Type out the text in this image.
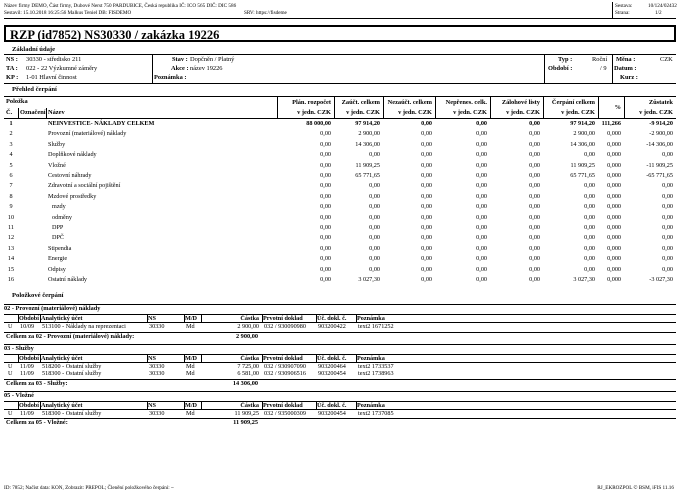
Název firmy DEMO, Část firmy, Dubové Nerst 750 PARDUBICE, Česká republika IČ: ICO 565 DIČ: DIC 586
Sestavil: 15.10.2018 16:25:56 Malkus Teniel DB: FISDEMO	SRV: https://fisdeme
Sestava:	10/124/02432
Strana:	1/2
RZP (id7852) NS30330 / zakázka 19226
Základní údaje
NS : 30330 - středisko 211
TA : 022 - 22 Výzkumné záměry
KP : 1-01 Hlavní činnost
Stav : Dopčněn / Platný
Akce : název 19226
Poznámka :
Typ :	Roční
Období :	/ 9
Měna :	CZK
Datum :
Kurz :
Přehled čerpání
Položka
Č. Označení Název
Plán. rozpočet
v jedn. CZK
Zaúčt. celkem
v jedn. CZK
Nezaúčt. celkem
v jedn. CZK
Nepřenes. celk.
v jedn. CZK
Zálohové listy
v jedn. CZK
Čerpání celkem
v jedn. CZK
%
Zůstatek
v jedn. CZK
1	NEINVESTICE- NÁKLADY CELKEM	88 000,00	97 914,20	0,00	0,00	0,00	97 914,20	111,266	-9 914,20
2	Provozní (materiálové) náklady	0,00	2 900,00	0,00	0,00	0,00	2 900,00	0,000	-2 900,00
3	Služby	0,00	14 306,00	0,00	0,00	0,00	14 306,00	0,000	-14 306,00
4	Doplňkové náklady	0,00	0,00	0,00	0,00	0,00	0,00	0,000	0,00
5	Vložné	0,00	11 909,25	0,00	0,00	0,00	11 909,25	0,000	-11 909,25
6	Cestovní náhrady	0,00	65 771,65	0,00	0,00	0,00	65 771,65	0,000	-65 771,65
7	Zdravotní a sociální pojištění	0,00	0,00	0,00	0,00	0,00	0,00	0,000	0,00
8	Mzdové prostředky	0,00	0,00	0,00	0,00	0,00	0,00	0,000	0,00
9	mzdy	0,00	0,00	0,00	0,00	0,00	0,00	0,000	0,00
10	odměny	0,00	0,00	0,00	0,00	0,00	0,00	0,000	0,00
11	DPP	0,00	0,00	0,00	0,00	0,00	0,00	0,000	0,00
12	DPČ	0,00	0,00	0,00	0,00	0,00	0,00	0,000	0,00
13	Stipendia	0,00	0,00	0,00	0,00	0,00	0,00	0,000	0,00
14	Energie	0,00	0,00	0,00	0,00	0,00	0,00	0,000	0,00
15	Odpisy	0,00	0,00	0,00	0,00	0,00	0,00	0,000	0,00
16	Ostatní náklady	0,00	3 027,30	0,00	0,00	0,00	3 027,30	0,000	-3 027,30
Položkové čerpání
02 - Provozní (materiálové) náklady
Období Analytický účet	NS	M/D	Částka Prvotní doklad Úč. dokl. č. Poznámka
U 10/09 513100 - Náklady na reprezentaci	30330	Md	2 900,00 032 / 930090980 903200422 text2 1671252
Celkem za 02 - Provozní (materiálové) náklady:	2 900,00
03 - Služby
Období Analytický účet	NS	M/D	Částka Prvotní doklad Úč. dokl. č. Poznámka
U 11/09 518200 - Ostatní služby	30330	Md	7 725,00 032 / 930907090 903200464 text2 1733537
U 11/09 518300 - Ostatní služby	30330	Md	6 581,00 032 / 930906516 903200454 text2 1738963
Celkem za 03 - Služby:	14 306,00
05 - Vložné
Období Analytický účet	NS	M/D	Částka Prvotní doklad Úč. dokl. č. Poznámka
U 11/09 518300 - Ostatní služby	30330	Md	11 909,25 032 / 935000309 903200454 text2 1737085
Celkem za 05 - Vložné:	11 909,25
ID: 7852; Načíst data: KON, Zobrazit: PREPOL; Členění položkového čerpání: ~	RJ_EKROZPOL © BSM, iFIS 11.16
